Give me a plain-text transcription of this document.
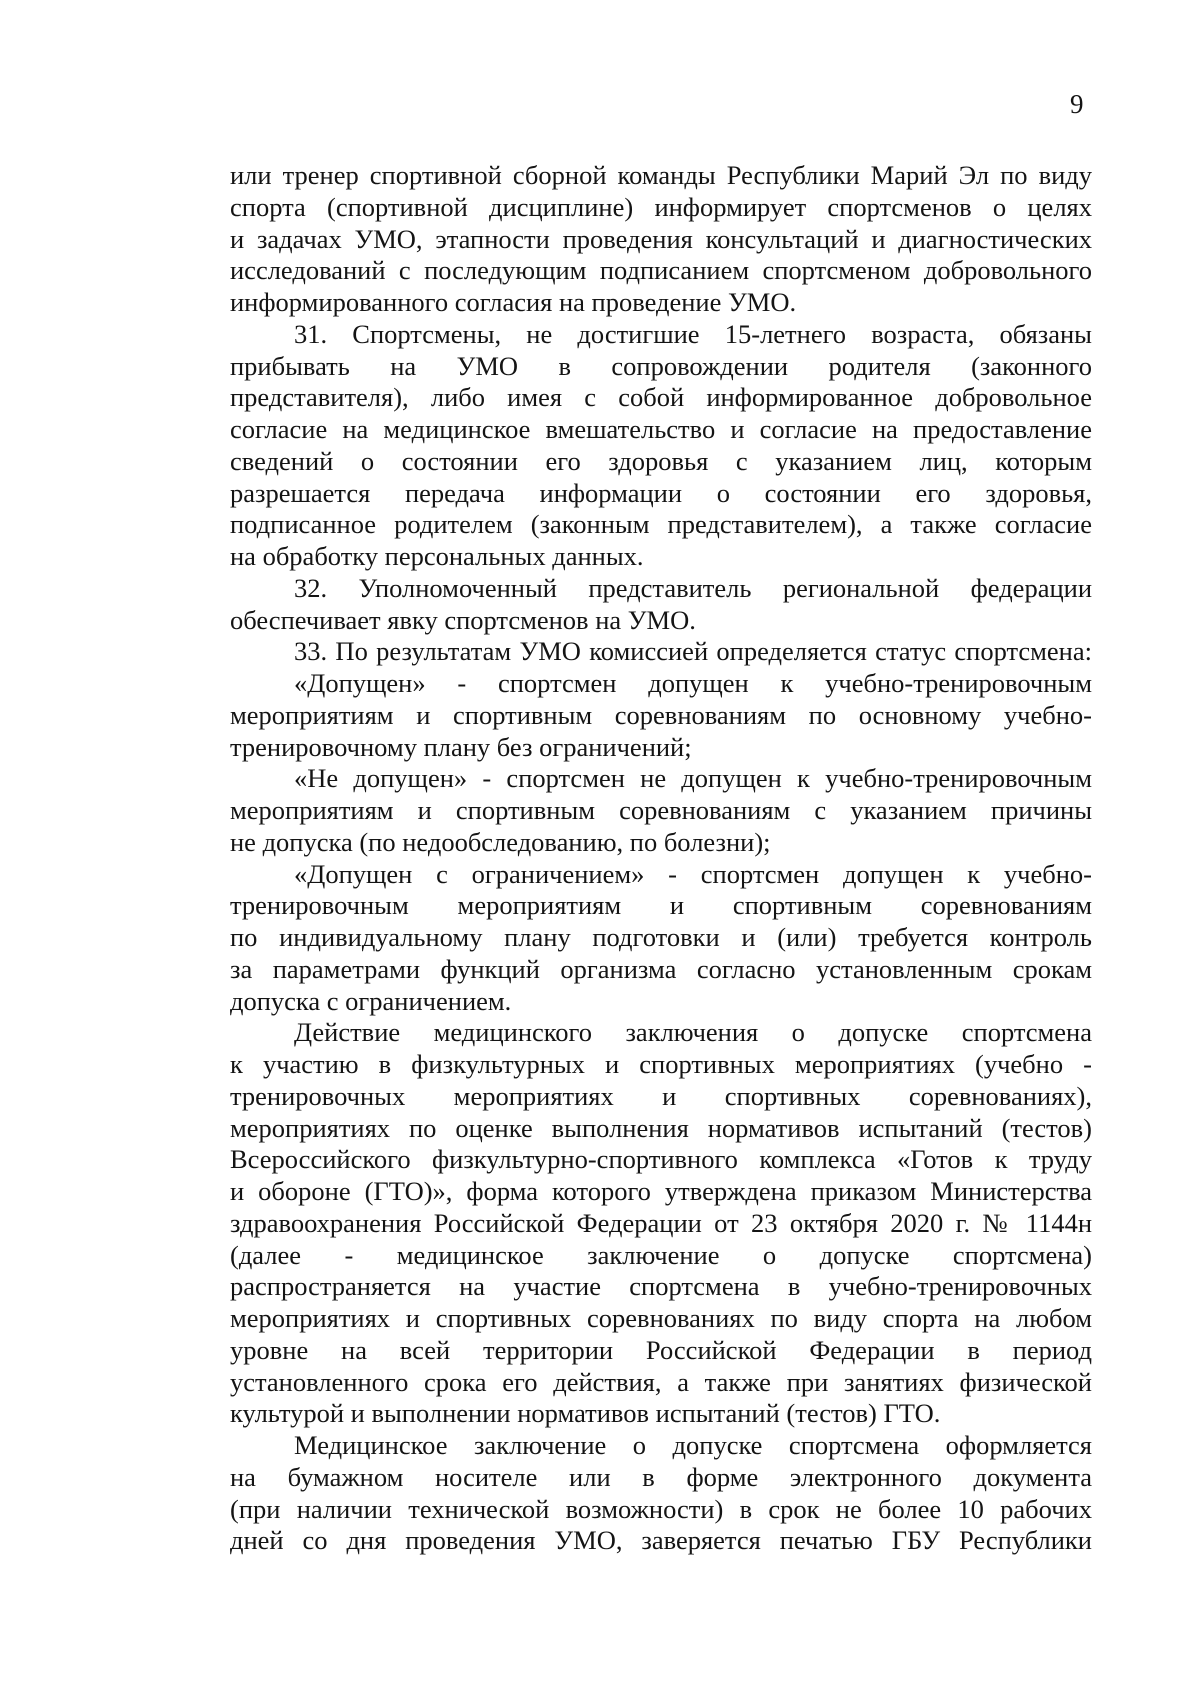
9
или тренер спортивной сборной команды Республики Марий Эл по виду
спорта (спортивной дисциплине) информирует спортсменов о целях
и задачах УМО, этапности проведения консультаций и диагностических
исследований с последующим подписанием спортсменом добровольного
информированного согласия на проведение УМО.
31. Спортсмены, не достигшие 15-летнего возраста, обязаны
прибывать на УМО в сопровождении родителя (законного
представителя), либо имея с собой информированное добровольное
согласие на медицинское вмешательство и согласие на предоставление
сведений о состоянии его здоровья с указанием лиц, которым
разрешается передача информации о состоянии его здоровья,
подписанное родителем (законным представителем), а также согласие
на обработку персональных данных.
32. Уполномоченный представитель региональной федерации
обеспечивает явку спортсменов на УМО.
33. По результатам УМО комиссией определяется статус спортсмена:
«Допущен» - спортсмен допущен к учебно-тренировочным
мероприятиям и спортивным соревнованиям по основному учебно-
тренировочному плану без ограничений;
«Не допущен» - спортсмен не допущен к учебно-тренировочным
мероприятиям и спортивным соревнованиям с указанием причины
не допуска (по недообследованию, по болезни);
«Допущен с ограничением» - спортсмен допущен к учебно-
тренировочным мероприятиям и спортивным соревнованиям
по индивидуальному плану подготовки и (или) требуется контроль
за параметрами функций организма согласно установленным срокам
допуска с ограничением.
Действие медицинского заключения о допуске спортсмена
к участию в физкультурных и спортивных мероприятиях (учебно -
тренировочных мероприятиях и спортивных соревнованиях),
мероприятиях по оценке выполнения нормативов испытаний (тестов)
Всероссийского физкультурно-спортивного комплекса «Готов к труду
и обороне (ГТО)», форма которого утверждена приказом Министерства
здравоохранения Российской Федерации от 23 октября 2020 г. № 1144н
(далее - медицинское заключение о допуске спортсмена)
распространяется на участие спортсмена в учебно-тренировочных
мероприятиях и спортивных соревнованиях по виду спорта на любом
уровне на всей территории Российской Федерации в период
установленного срока его действия, а также при занятиях физической
культурой и выполнении нормативов испытаний (тестов) ГТО.
Медицинское заключение о допуске спортсмена оформляется
на бумажном носителе или в форме электронного документа
(при наличии технической возможности) в срок не более 10 рабочих
дней со дня проведения УМО, заверяется печатью ГБУ Республики
